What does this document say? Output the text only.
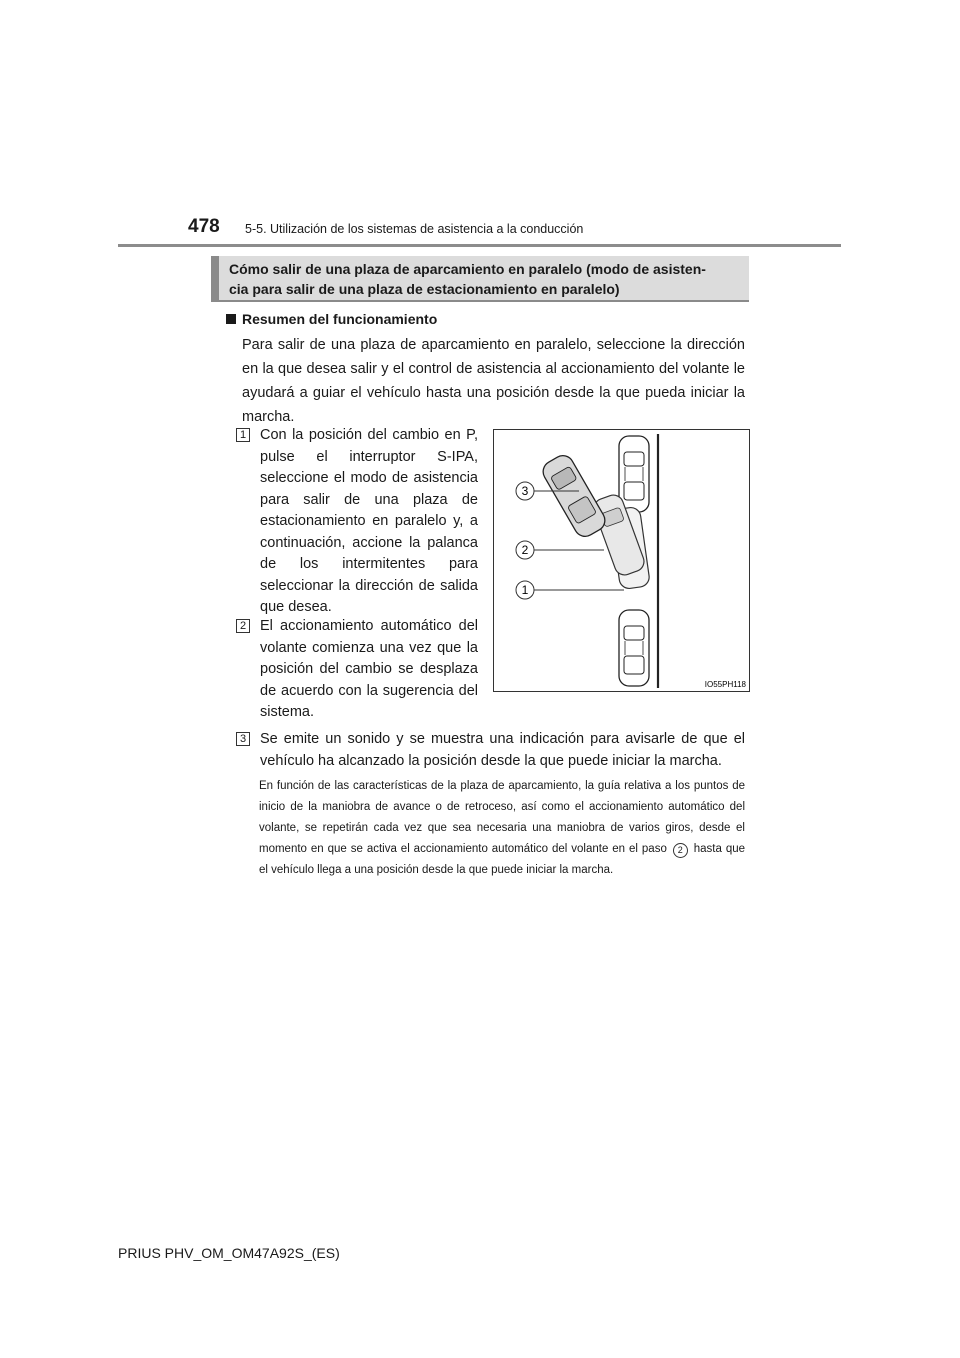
478 5-5. Utilización de los sistemas de asistencia a la conducción
Cómo salir de una plaza de aparcamiento en paralelo (modo de asisten-
cia para salir de una plaza de estacionamiento en paralelo)
Resumen del funcionamiento

Para salir de una plaza de aparcamiento en paralelo, seleccione la dirección en la que desea salir y el control de asistencia al accionamiento del volante le ayudará a guiar el vehículo hasta una posición desde la que pueda iniciar la marcha.

1 Con la posición del cambio en P, pulse el interruptor S-IPA, seleccione el modo de asistencia para salir de una plaza de estacionamiento en paralelo y, a continuación, accione la palanca de los intermitentes para seleccionar la dirección de salida que desea.

2 El accionamiento automático del volante comienza una vez que la posición del cambio se desplaza de acuerdo con la sugerencia del sistema.

3 Se emite un sonido y se muestra una indicación para avisarle de que el vehículo ha alcanzado la posición desde la que puede iniciar la marcha.

En función de las características de la plaza de aparcamiento, la guía relativa a los puntos de inicio de la maniobra de avance o de retroceso, así como el accionamiento automático del volante, se repetirán cada vez que sea necesaria una maniobra de varios giros, desde el momento en que se activa el accionamiento automático del volante en el paso 2 hasta que el vehículo llega a una posición desde la que puede iniciar la marcha.

3
2
1
IO55PH118
PRIUS PHV_OM_OM47A92S_(ES)
